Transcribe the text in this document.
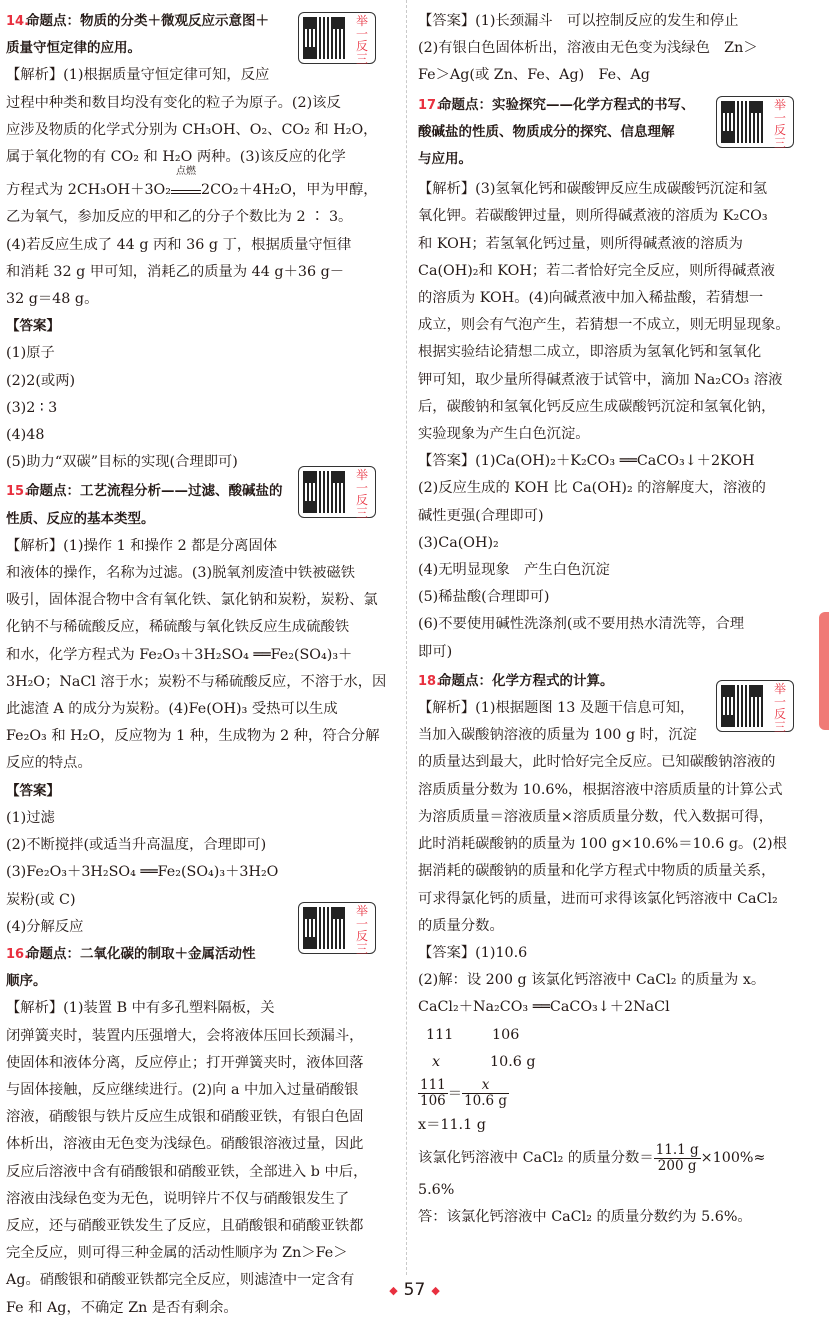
14.命题点：物质的分类＋微观反应示意图＋
质量守恒定律的应用。
【解析】(1)根据质量守恒定律可知，反应
过程中种类和数目均没有变化的粒子为原子。(2)该反
应涉及物质的化学式分别为 CH₃OH、O₂、CO₂ 和 H₂O，
属于氧化物的有 CO₂ 和 H₂O 两种。(3)该反应的化学
方程式为 2CH₃OH＋3O₂
点燃
2CO₂＋4H₂O，甲为甲醇，
乙为氧气，参加反应的甲和乙的分子个数比为 2 ∶ 3。
(4)若反应生成了 44 g 丙和 36 g 丁，根据质量守恒律
和消耗 32 g 甲可知，消耗乙的质量为 44 g＋36 g－
32 g＝48 g。
【答案】
(1)原子
(2)2(或两)
(3)2 ∶ 3
(4)48
(5)助力“双碳”目标的实现(合理即可)
15.命题点：工艺流程分析——过滤、酸碱盐的
性质、反应的基本类型。
【解析】(1)操作 1 和操作 2 都是分离固体
和液体的操作，名称为过滤。(3)脱氧剂废渣中铁被磁铁
吸引，固体混合物中含有氧化铁、氯化钠和炭粉，炭粉、氯
化钠不与稀硫酸反应，稀硫酸与氧化铁反应生成硫酸铁
和水，化学方程式为 Fe₂O₃＋3H₂SO₄ ══Fe₂(SO₄)₃＋
3H₂O；NaCl 溶于水；炭粉不与稀硫酸反应，不溶于水，因
此滤渣 A 的成分为炭粉。(4)Fe(OH)₃ 受热可以生成
Fe₂O₃ 和 H₂O，反应物为 1 种，生成物为 2 种，符合分解
反应的特点。
【答案】
(1)过滤
(2)不断搅拌(或适当升高温度，合理即可)
(3)Fe₂O₃＋3H₂SO₄ ══Fe₂(SO₄)₃＋3H₂O
炭粉(或 C)
(4)分解反应
16.命题点：二氧化碳的制取＋金属活动性
顺序。
【解析】(1)装置 B 中有多孔塑料隔板，关
闭弹簧夹时，装置内压强增大，会将液体压回长颈漏斗，
使固体和液体分离，反应停止；打开弹簧夹时，液体回落
与固体接触，反应继续进行。(2)向 a 中加入过量硝酸银
溶液，硝酸银与铁片反应生成银和硝酸亚铁，有银白色固
体析出，溶液由无色变为浅绿色。硝酸银溶液过量，因此
反应后溶液中含有硝酸银和硝酸亚铁，全部进入 b 中后，
溶液由浅绿色变为无色，说明锌片不仅与硝酸银发生了
反应，还与硝酸亚铁发生了反应，且硝酸银和硝酸亚铁都
完全反应，则可得三种金属的活动性顺序为 Zn＞Fe＞
Ag。硝酸银和硝酸亚铁都完全反应，则滤渣中一定含有
Fe 和 Ag，不确定 Zn 是否有剩余。
举
一
反
三
举
一
反
三
举
一
反
三
【答案】(1)长颈漏斗　可以控制反应的发生和停止
(2)有银白色固体析出，溶液由无色变为浅绿色　Zn＞
Fe＞Ag(或 Zn、Fe、Ag)　Fe、Ag
17.命题点：实验探究——化学方程式的书写、
酸碱盐的性质、物质成分的探究、信息理解
与应用。
【解析】(3)氢氧化钙和碳酸钾反应生成碳酸钙沉淀和氢
氧化钾。若碳酸钾过量，则所得碱煮液的溶质为 K₂CO₃
和 KOH；若氢氧化钙过量，则所得碱煮液的溶质为
Ca(OH)₂和 KOH；若二者恰好完全反应，则所得碱煮液
的溶质为 KOH。(4)向碱煮液中加入稀盐酸，若猜想一
成立，则会有气泡产生，若猜想一不成立，则无明显现象。
根据实验结论猜想二成立，即溶质为氢氧化钙和氢氧化
钾可知，取少量所得碱煮液于试管中，滴加 Na₂CO₃ 溶液
后，碳酸钠和氢氧化钙反应生成碳酸钙沉淀和氢氧化钠，
实验现象为产生白色沉淀。
【答案】(1)Ca(OH)₂＋K₂CO₃ ══CaCO₃↓＋2KOH
(2)反应生成的 KOH 比 Ca(OH)₂ 的溶解度大，溶液的
碱性更强(合理即可)
(3)Ca(OH)₂
(4)无明显现象　产生白色沉淀
(5)稀盐酸(合理即可)
(6)不要使用碱性洗涤剂(或不要用热水清洗等，合理
即可)
18.命题点：化学方程式的计算。
【解析】(1)根据题图 13 及题干信息可知，
当加入碳酸钠溶液的质量为 100 g 时，沉淀
的质量达到最大，此时恰好完全反应。已知碳酸钠溶液的
溶质质量分数为 10.6%，根据溶液中溶质质量的计算公式
为溶质质量＝溶液质量×溶质质量分数，代入数据可得，
此时消耗碳酸钠的质量为 100 g×10.6%＝10.6 g。(2)根
据消耗的碳酸钠的质量和化学方程式中物质的质量关系，
可求得氯化钙的质量，进而可求得该氯化钙溶液中 CaCl₂
的质量分数。
【答案】(1)10.6
(2)解：设 200 g 该氯化钙溶液中 CaCl₂ 的质量为 x。
CaCl₂＋Na₂CO₃ ══CaCO₃↓＋2NaCl
111	106
x	10.6 g
$\frac{111}{106} = \frac{x}{10.6 g}$
x＝11.1 g
该氯化钙溶液中 CaCl₂ 的质量分数＝ $\frac{11.1 g}{200 g} \times 100\%\approx$
5.6%
答：该氯化钙溶液中 CaCl₂ 的质量分数约为 5.6%。
举
一
反
三
举
一
反
三
◆ 57 ◆
